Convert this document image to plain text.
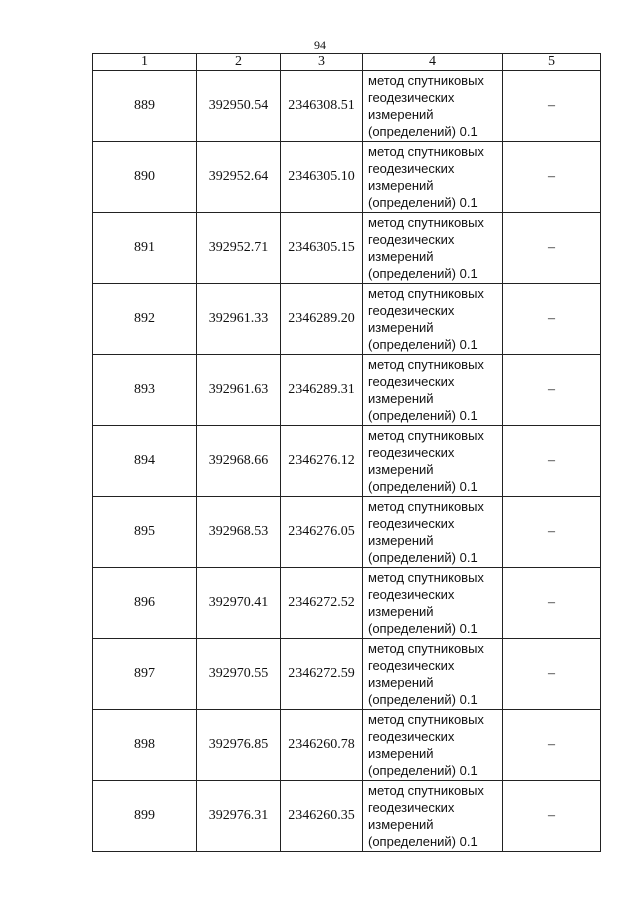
94
1	2	3	4	5
889	392950.54	2346308.51	метод спутниковых
геодезических
измерений
(определений) 0.1	–
890	392952.64	2346305.10	метод спутниковых
геодезических
измерений
(определений) 0.1	–
891	392952.71	2346305.15	метод спутниковых
геодезических
измерений
(определений) 0.1	–
892	392961.33	2346289.20	метод спутниковых
геодезических
измерений
(определений) 0.1	–
893	392961.63	2346289.31	метод спутниковых
геодезических
измерений
(определений) 0.1	–
894	392968.66	2346276.12	метод спутниковых
геодезических
измерений
(определений) 0.1	–
895	392968.53	2346276.05	метод спутниковых
геодезических
измерений
(определений) 0.1	–
896	392970.41	2346272.52	метод спутниковых
геодезических
измерений
(определений) 0.1	–
897	392970.55	2346272.59	метод спутниковых
геодезических
измерений
(определений) 0.1	–
898	392976.85	2346260.78	метод спутниковых
геодезических
измерений
(определений) 0.1	–
899	392976.31	2346260.35	метод спутниковых
геодезических
измерений
(определений) 0.1	–
